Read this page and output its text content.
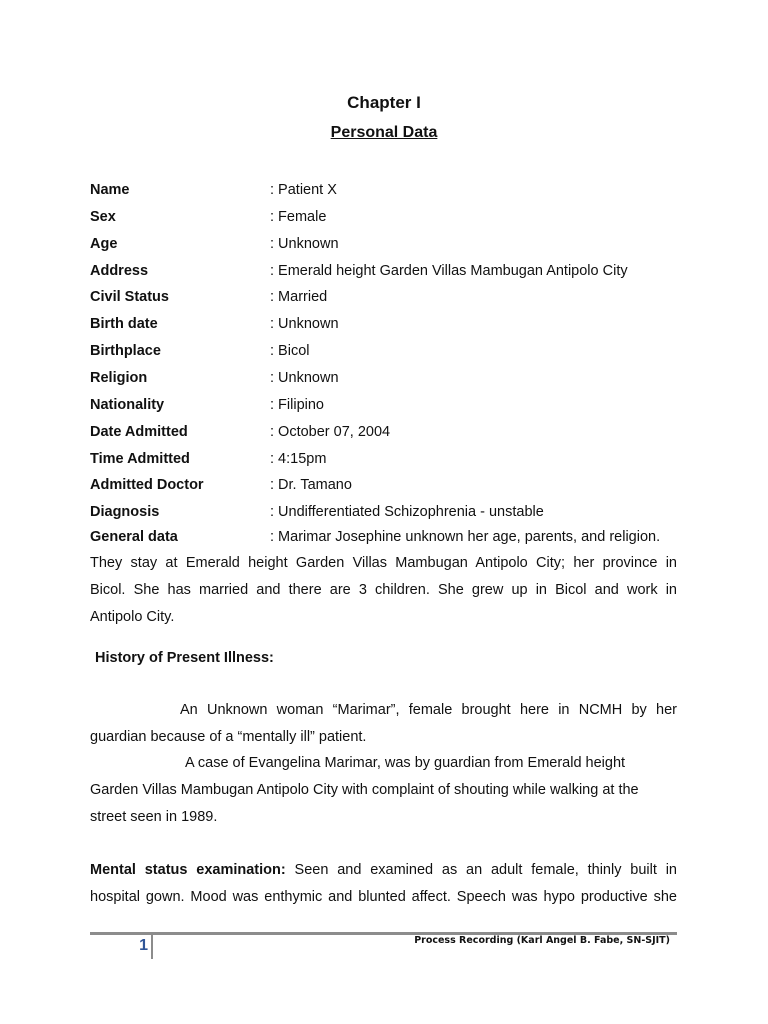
Chapter I
Personal Data
Name	: Patient X
Sex	: Female
Age	: Unknown
Address	: Emerald height Garden Villas Mambugan Antipolo City
Civil Status	: Married
Birth date	: Unknown
Birthplace	: Bicol
Religion	: Unknown
Nationality	: Filipino
Date Admitted	: October 07, 2004
Time Admitted	: 4:15pm
Admitted Doctor	: Dr. Tamano
Diagnosis	: Undifferentiated Schizophrenia - unstable
General data	: Marimar Josephine unknown her age, parents, and religion.

They stay at Emerald height Garden Villas Mambugan Antipolo City; her province in

Bicol. She has married and there are 3 children. She grew up in Bicol and work in

Antipolo City.

History of Present Illness:

An Unknown woman “Marimar”, female brought here in NCMH by her

guardian because of a “mentally ill” patient.

A case of Evangelina Marimar, was by guardian from Emerald height

Garden Villas Mambugan Antipolo City with complaint of shouting while walking at the

street seen in 1989.

Mental status examination: Seen and examined as an adult female, thinly built in

hospital gown. Mood was enthymic and blunted affect. Speech was hypo productive she

1	Process Recording (Karl Angel B. Fabe, SN-SJIT)
